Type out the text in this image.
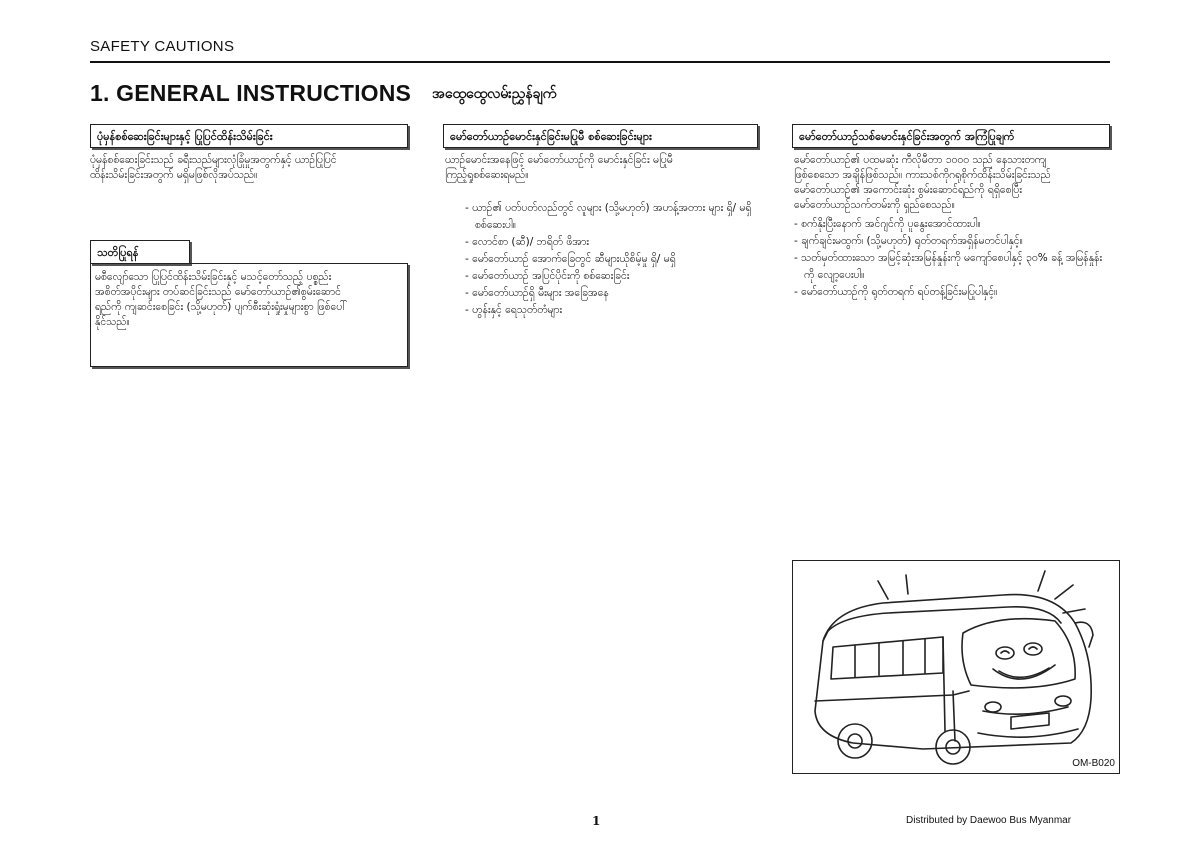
SAFETY CAUTIONS
1. GENERAL INSTRUCTIONS အထွေထွေလမ်းညွှန်ချက်
ပုံမှန်စစ်ဆေးခြင်းများနှင့် ပြုပြင်ထိန်းသိမ်းခြင်း
ပုံမှန်စစ်ဆေးခြင်းသည် ခရီးသည်များလုံခြုံမှုအတွက်နှင့် ယာဉ်ပြုပြင်
ထိန်းသိမ်းခြင်းအတွက် မရှိမဖြစ်လိုအပ်သည်။
သတိပြုရန်
မစီလျော်သော ပြုပြင်ထိန်းသိမ်းခြင်းနှင့် မသင့်တော်သည့် ပစ္စည်း
အစိတ်အပိုင်းများ တပ်ဆင်ခြင်းသည် မော်တော်ယာဉ်၏စွမ်းဆောင်
ရည်ကို ကျဆင်းစေခြင်း (သို့မဟုတ်) ပျက်စီးဆုံးရှုံးမှုများစွာ ဖြစ်ပေါ်
နိုင်သည်။
မော်တော်ယာဉ်မောင်းနှင်ခြင်းမပြုမီ စစ်ဆေးခြင်းများ
ယာဉ်မောင်းအနေဖြင့် မော်တော်ယာဉ်ကို မောင်းနှင်ခြင်း မပြုမီ
ကြည့်ရှုစစ်ဆေးရမည်။
- ယာဉ်၏ ပတ်ပတ်လည်တွင် လူများ (သို့မဟုတ်) အဟန့်အတား များ ရှိ/ မရှိ စစ်ဆေးပါ။
- လောင်စာ (ဆီ)/ ဘရိတ် ဖိအား
- မော်တော်ယာဉ် အောက်ခြေတွင် ဆီများယိုစိမ့်မှု ရှိ/ မရှိ
- မော်တော်ယာဉ် အပြင်ပိုင်းကို စစ်ဆေးခြင်း
- မော်တော်ယာဉ်ရှိ မီးများ အခြေအနေ
- ဟွန်းနှင့် ရေသုတ်တံများ
မော်တော်ယာဉ်သစ်မောင်းနှင်ခြင်းအတွက် အကြံပြုချက်
မော်တော်ယာဉ်၏ ပထမဆုံး ကီလိုမီတာ ၁၀၀၀ သည် နေသားတကျ
ဖြစ်စေသော အချိန်ဖြစ်သည်။ ကားသစ်ကိုဂရုစိုက်ထိန်းသိမ်းခြင်းသည်
မော်တော်ယာဉ်၏ အကောင်းဆုံး စွမ်းဆောင်ရည်ကို ရရှိစေပြီး
မော်တော်ယာဉ်သက်တမ်းကို ရှည်စေသည်။
- စက်နိုးပြီးနောက် အင်ဂျင်ကို ပူနွေးအောင်ထားပါ။
- ချက်ချင်းမထွက်၊ (သို့မဟုတ်) ရုတ်တရက်အရှိန်မတင်ပါနှင့်။
- သတ်မှတ်ထားသော အမြင့်ဆုံးအမြန်နှုန်းကို မကျော်စေပါနှင့် ၃၀% ခန့် အမြန်နှုန်းကို လျော့ပေးပါ။
- မော်တော်ယာဉ်ကို ရုတ်တရက် ရပ်တန့်ခြင်းမပြုပါနှင့်။
OM-B020
1	Distributed by Daewoo Bus Myanmar
